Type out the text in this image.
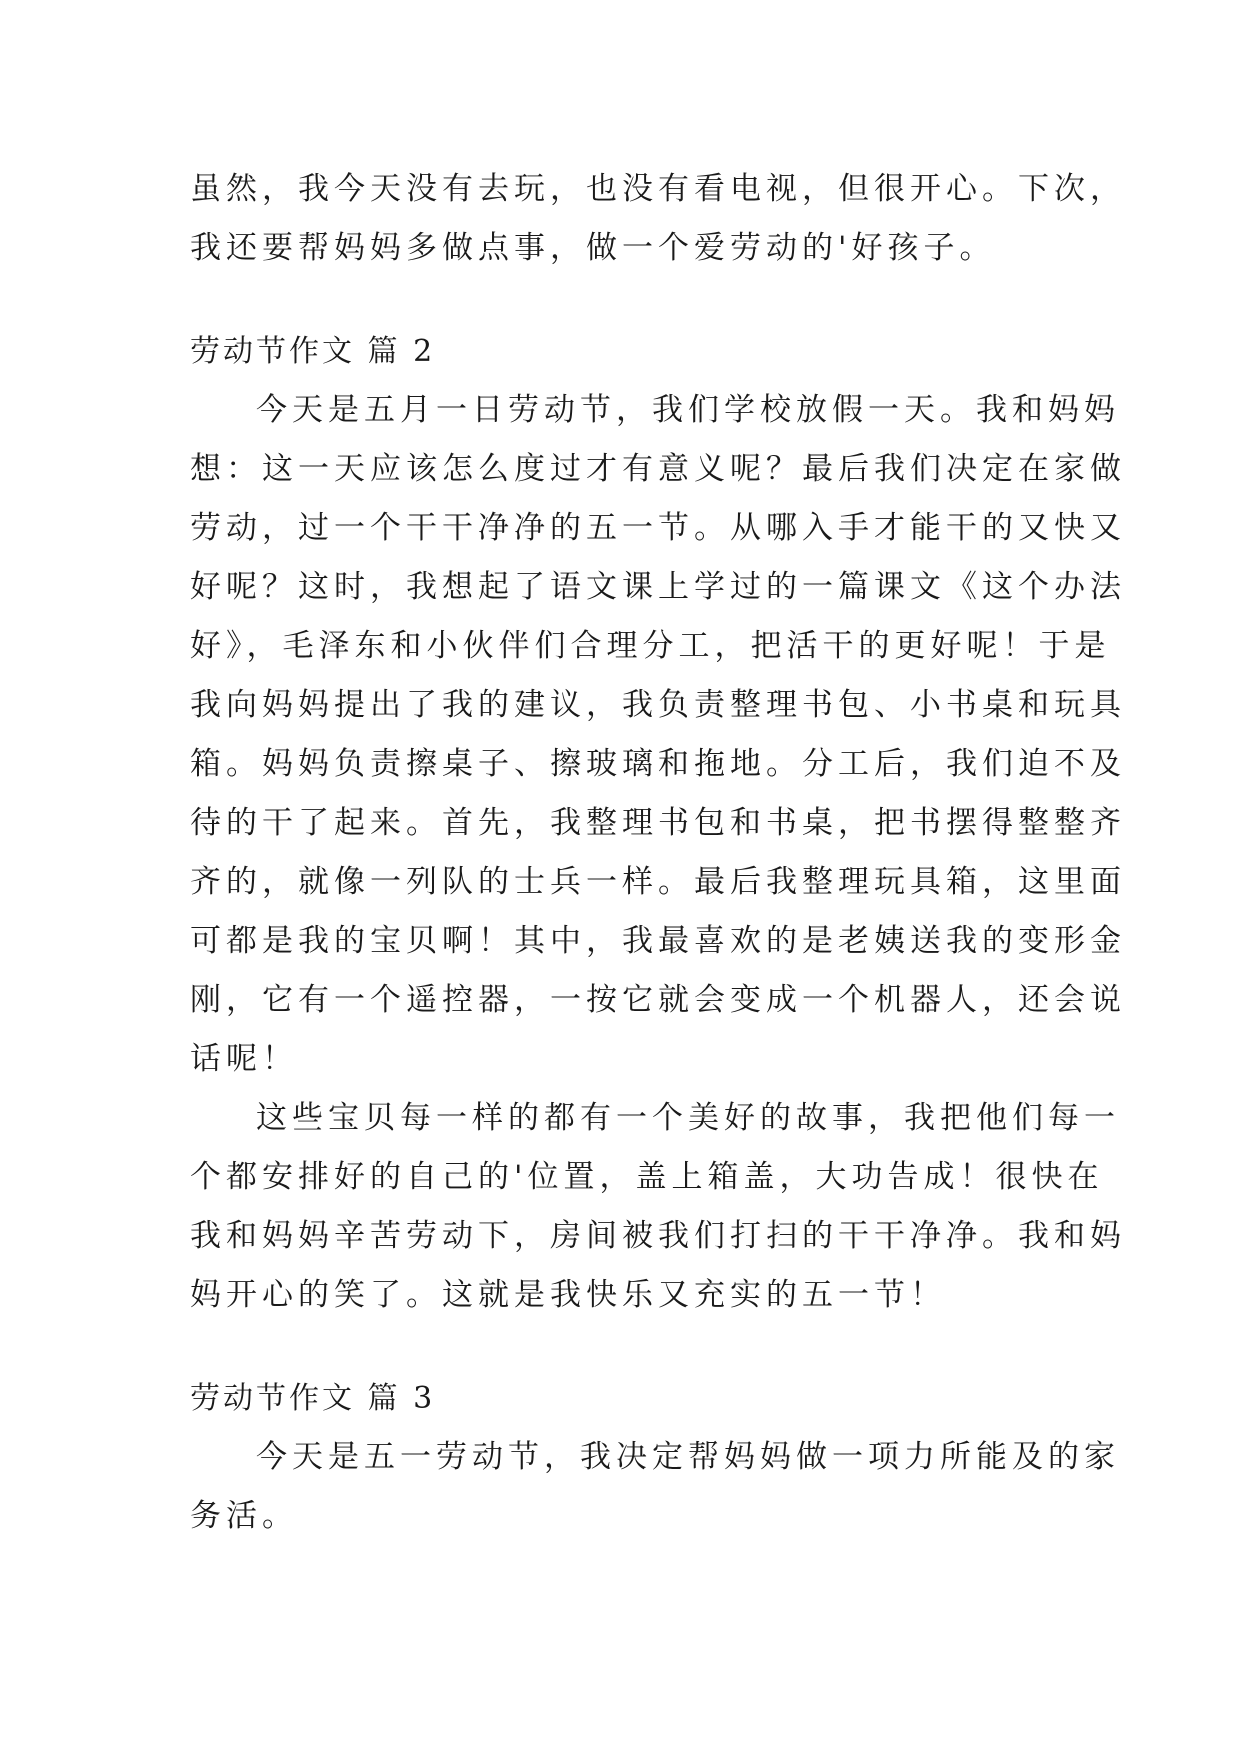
虽然，我今天没有去玩，也没有看电视，但很开心。下次，
我还要帮妈妈多做点事，做一个爱劳动的'好孩子。
劳动节作文 篇 2
今天是五月一日劳动节，我们学校放假一天。我和妈妈
想：这一天应该怎么度过才有意义呢？最后我们决定在家做
劳动，过一个干干净净的五一节。从哪入手才能干的又快又
好呢？这时，我想起了语文课上学过的一篇课文《这个办法
好》，毛泽东和小伙伴们合理分工，把活干的更好呢！于是
我向妈妈提出了我的建议，我负责整理书包、小书桌和玩具
箱。妈妈负责擦桌子、擦玻璃和拖地。分工后，我们迫不及
待的干了起来。首先，我整理书包和书桌，把书摆得整整齐
齐的，就像一列队的士兵一样。最后我整理玩具箱，这里面
可都是我的宝贝啊！其中，我最喜欢的是老姨送我的变形金
刚，它有一个遥控器，一按它就会变成一个机器人，还会说
话呢！
这些宝贝每一样的都有一个美好的故事，我把他们每一
个都安排好的自己的'位置，盖上箱盖，大功告成！很快在
我和妈妈辛苦劳动下，房间被我们打扫的干干净净。我和妈
妈开心的笑了。这就是我快乐又充实的五一节！
劳动节作文 篇 3
今天是五一劳动节，我决定帮妈妈做一项力所能及的家
务活。
